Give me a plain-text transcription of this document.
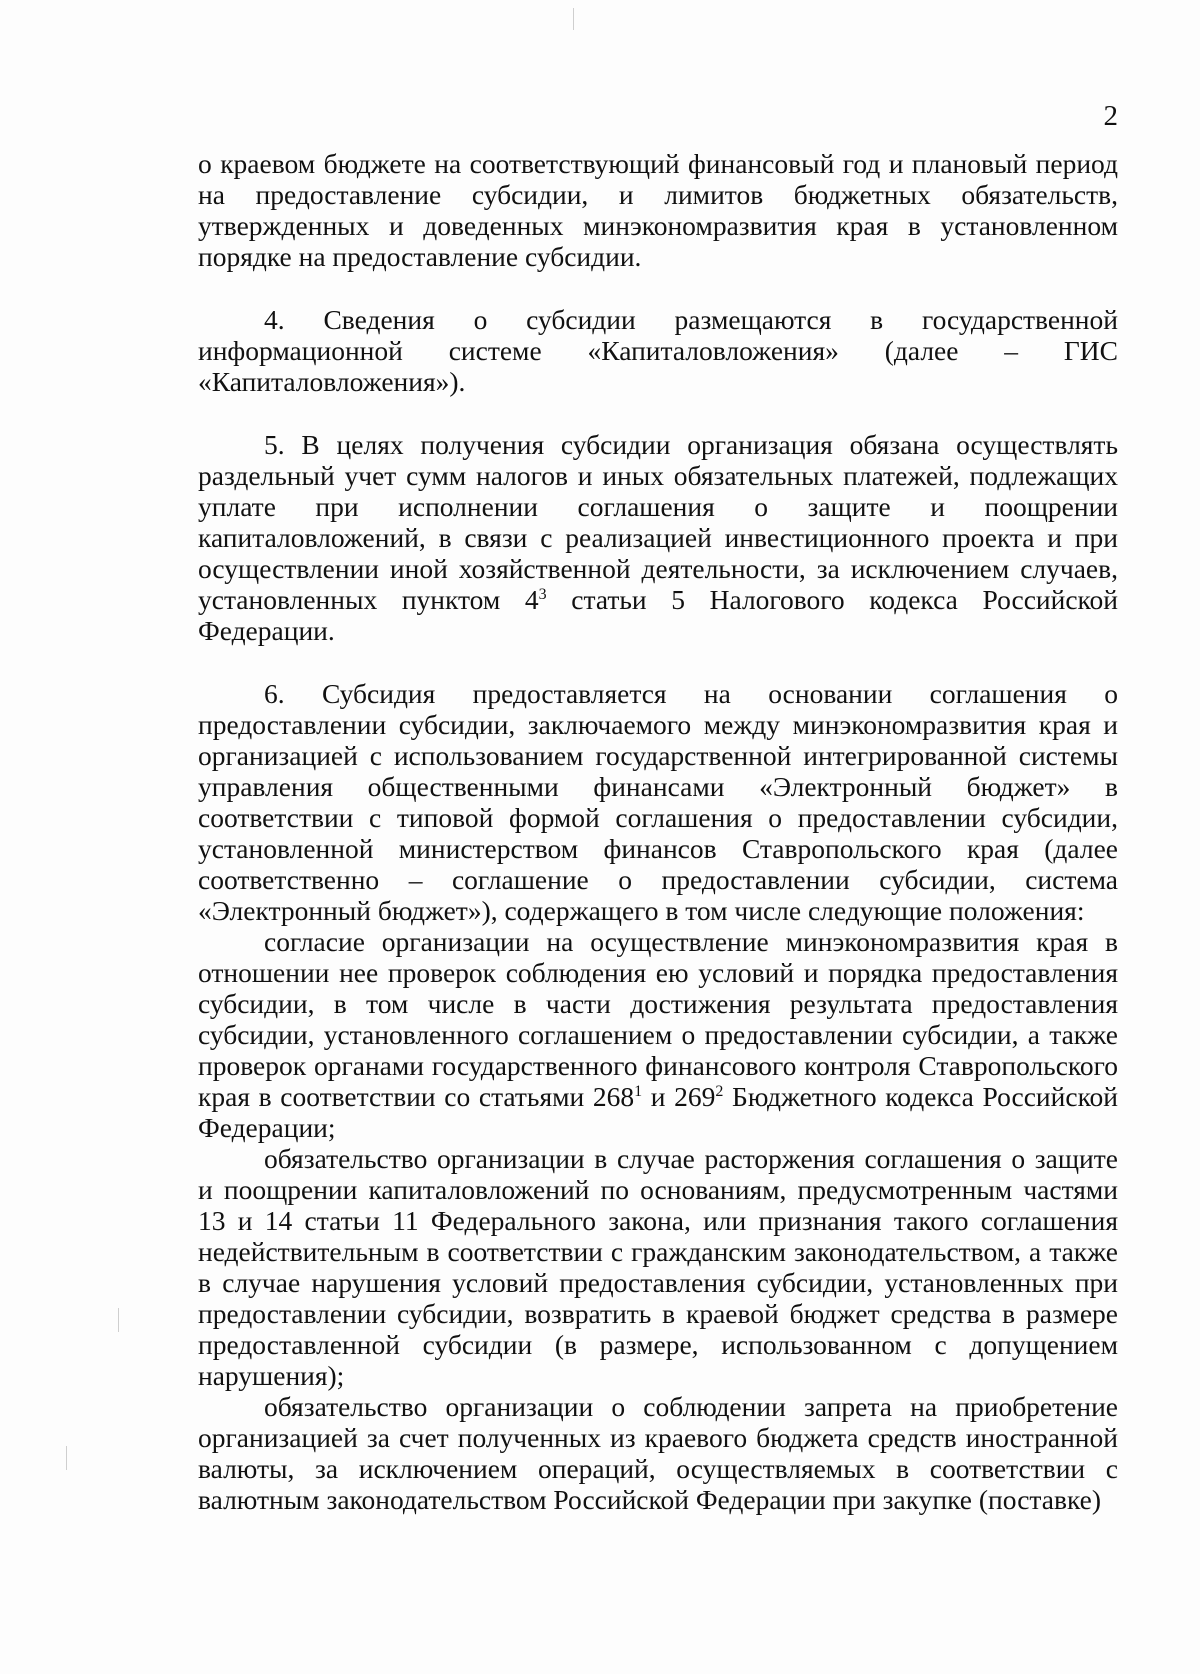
2

о краевом бюджете на соответствующий финансовый год и плановый период на предоставление субсидии, и лимитов бюджетных обязательств, утвержденных и доведенных минэкономразвития края в установленном порядке на предоставление субсидии.

4. Сведения о субсидии размещаются в государственной информационной системе «Капиталовложения» (далее – ГИС «Капиталовложения»).

5. В целях получения субсидии организация обязана осуществлять раздельный учет сумм налогов и иных обязательных платежей, подлежащих уплате при исполнении соглашения о защите и поощрении капиталовложений, в связи с реализацией инвестиционного проекта и при осуществлении иной хозяйственной деятельности, за исключением случаев, установленных пунктом $4^3$ статьи 5 Налогового кодекса Российской Федерации.

6. Субсидия предоставляется на основании соглашения о предоставлении субсидии, заключаемого между минэкономразвития края и организацией с использованием государственной интегрированной системы управления общественными финансами «Электронный бюджет» в соответствии с типовой формой соглашения о предоставлении субсидии, установленной министерством финансов Ставропольского края (далее соответственно – соглашение о предоставлении субсидии, система «Электронный бюджет»), содержащего в том числе следующие положения:

согласие организации на осуществление минэкономразвития края в отношении нее проверок соблюдения ею условий и порядка предоставления субсидии, в том числе в части достижения результата предоставления субсидии, установленного соглашением о предоставлении субсидии, а также проверок органами государственного финансового контроля Ставропольского края в соответствии со статьями $268^1$ и $269^2$ Бюджетного кодекса Российской Федерации;

обязательство организации в случае расторжения соглашения о защите и поощрении капиталовложений по основаниям, предусмотренным частями 13 и 14 статьи 11 Федерального закона, или признания такого соглашения недействительным в соответствии с гражданским законодательством, а также в случае нарушения условий предоставления субсидии, установленных при предоставлении субсидии, возвратить в краевой бюджет средства в размере предоставленной субсидии (в размере, использованном с допущением нарушения);

обязательство организации о соблюдении запрета на приобретение организацией за счет полученных из краевого бюджета средств иностранной валюты, за исключением операций, осуществляемых в соответствии с валютным законодательством Российской Федерации при закупке (поставке)
